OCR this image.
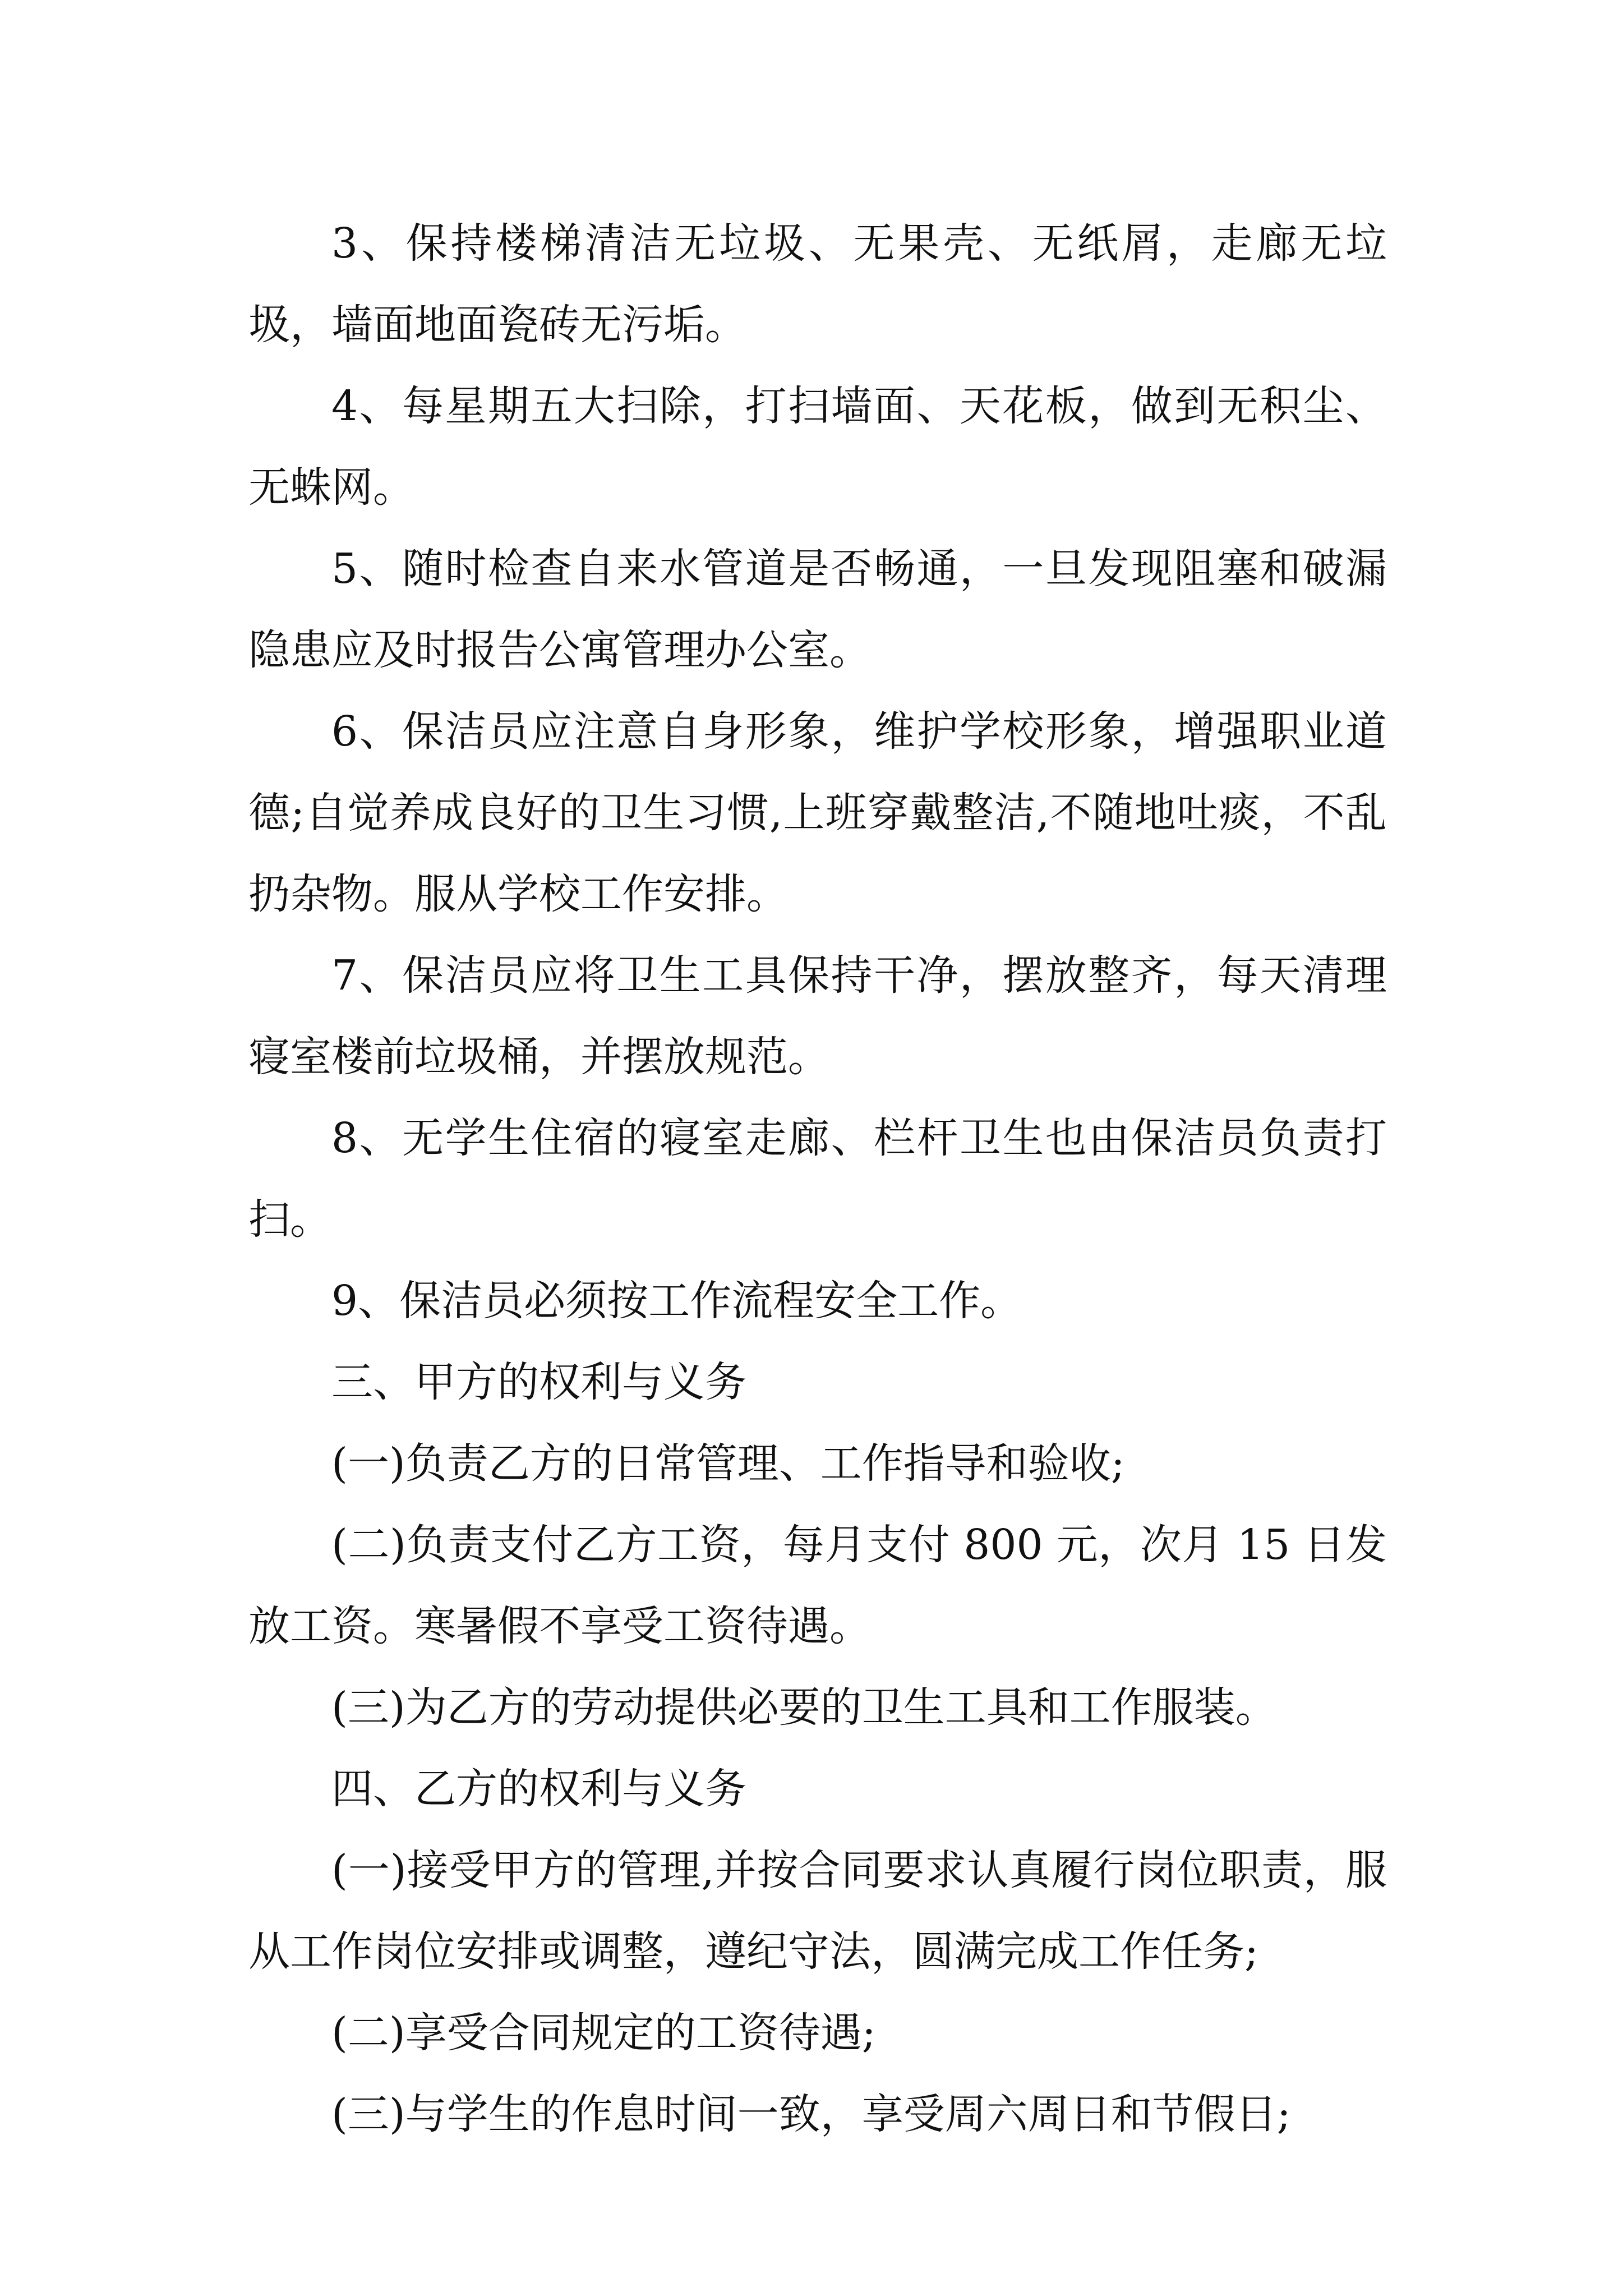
3、保持楼梯清洁无垃圾、无果壳、无纸屑，走廊无垃圾，墙面地面瓷砖无污垢。

4、每星期五大扫除，打扫墙面、天花板，做到无积尘、无蛛网。

5、随时检查自来水管道是否畅通，一旦发现阻塞和破漏隐患应及时报告公寓管理办公室。

6、保洁员应注意自身形象，维护学校形象，增强职业道德;自觉养成良好的卫生习惯,上班穿戴整洁,不随地吐痰，不乱扔杂物。服从学校工作安排。

7、保洁员应将卫生工具保持干净，摆放整齐，每天清理寝室楼前垃圾桶，并摆放规范。

8、无学生住宿的寝室走廊、栏杆卫生也由保洁员负责打扫。

9、保洁员必须按工作流程安全工作。

三、甲方的权利与义务

(一)负责乙方的日常管理、工作指导和验收;

(二)负责支付乙方工资，每月支付 800 元，次月 15 日发放工资。寒暑假不享受工资待遇。

(三)为乙方的劳动提供必要的卫生工具和工作服装。

四、乙方的权利与义务

(一)接受甲方的管理,并按合同要求认真履行岗位职责，服从工作岗位安排或调整，遵纪守法，圆满完成工作任务;

(二)享受合同规定的工资待遇;

(三)与学生的作息时间一致，享受周六周日和节假日;
